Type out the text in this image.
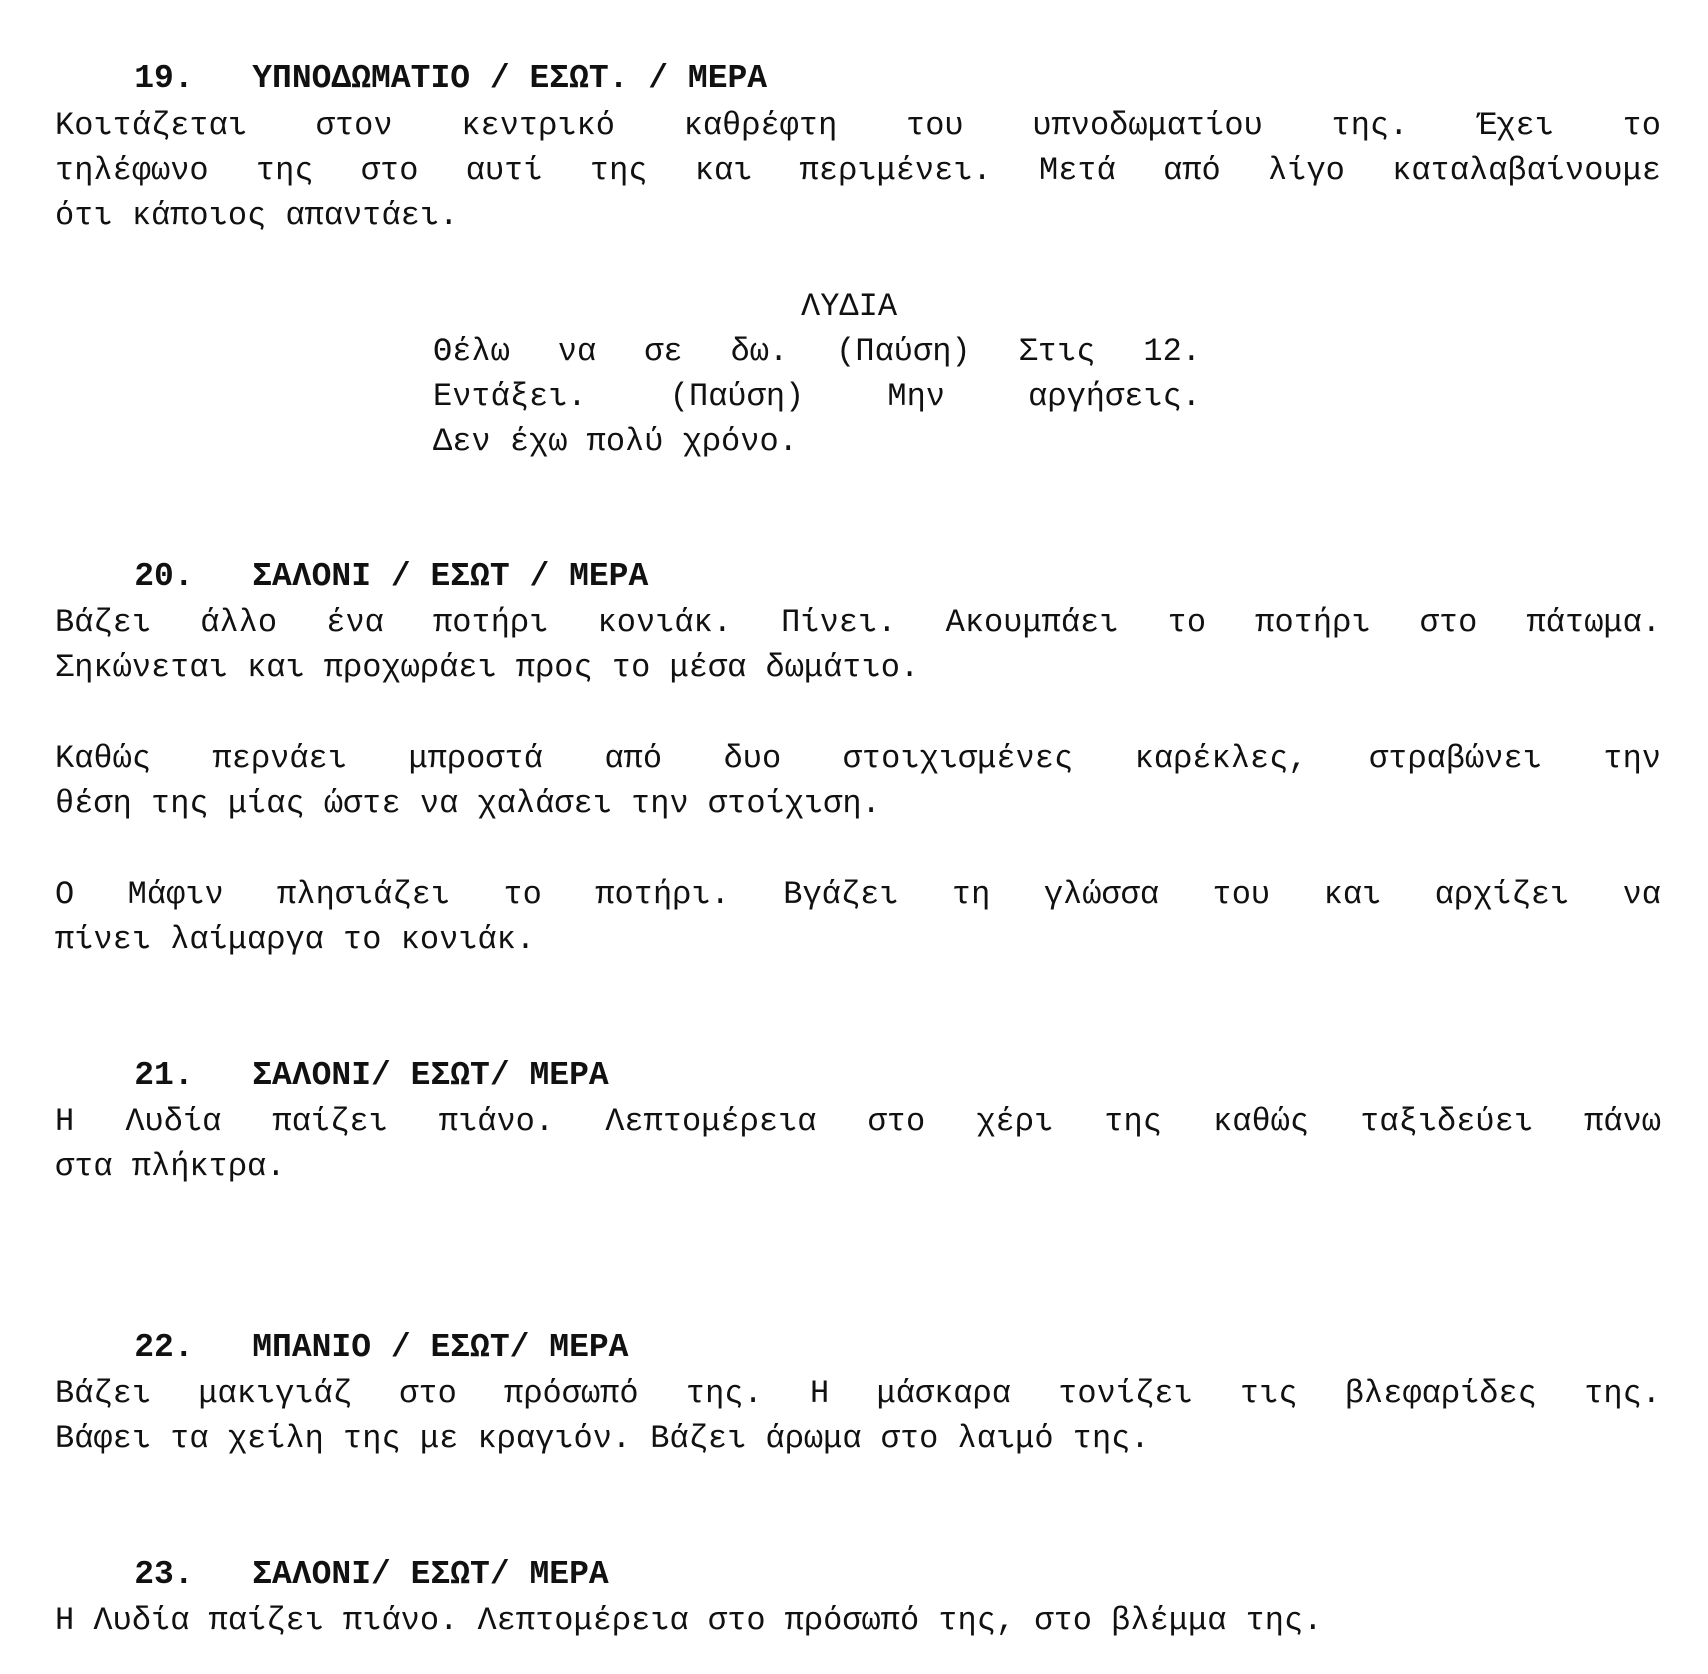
19. ΥΠΝΟΔΩΜΑΤΙΟ / ΕΣΩΤ. / ΜΕΡΑ

Κοιτάζεται στον κεντρικό καθρέφτη του υπνοδωματίου της. Έχει το
τηλέφωνο της στο αυτί της και περιμένει. Μετά από λίγο καταλαβαίνουμε
ότι κάποιος απαντάει.
ΛΥΔΙΑ
Θέλω να σε δω. (Παύση) Στις 12.
Εντάξει. (Παύση) Μην αργήσεις.
Δεν έχω πολύ χρόνο.

20. ΣΑΛΟΝΙ / ΕΣΩΤ / ΜΕΡΑ

Βάζει άλλο ένα ποτήρι κονιάκ. Πίνει. Ακουμπάει το ποτήρι στο πάτωμα.
Σηκώνεται και προχωράει προς το μέσα δωμάτιο.
Καθώς περνάει μπροστά από δυο στοιχισμένες καρέκλες, στραβώνει την
θέση της μίας ώστε να χαλάσει την στοίχιση.
Ο Μάφιν πλησιάζει το ποτήρι. Βγάζει τη γλώσσα του και αρχίζει να
πίνει λαίμαργα το κονιάκ.

21. ΣΑΛΟΝΙ/ ΕΣΩΤ/ ΜΕΡΑ

Η Λυδία παίζει πιάνο. Λεπτομέρεια στο χέρι της καθώς ταξιδεύει πάνω
στα πλήκτρα.

22. ΜΠΑΝΙΟ / ΕΣΩΤ/ ΜΕΡΑ

Βάζει μακιγιάζ στο πρόσωπό της. Η μάσκαρα τονίζει τις βλεφαρίδες της.
Βάφει τα χείλη της με κραγιόν. Βάζει άρωμα στο λαιμό της.

23. ΣΑΛΟΝΙ/ ΕΣΩΤ/ ΜΕΡΑ

Η Λυδία παίζει πιάνο. Λεπτομέρεια στο πρόσωπό της, στο βλέμμα της.
